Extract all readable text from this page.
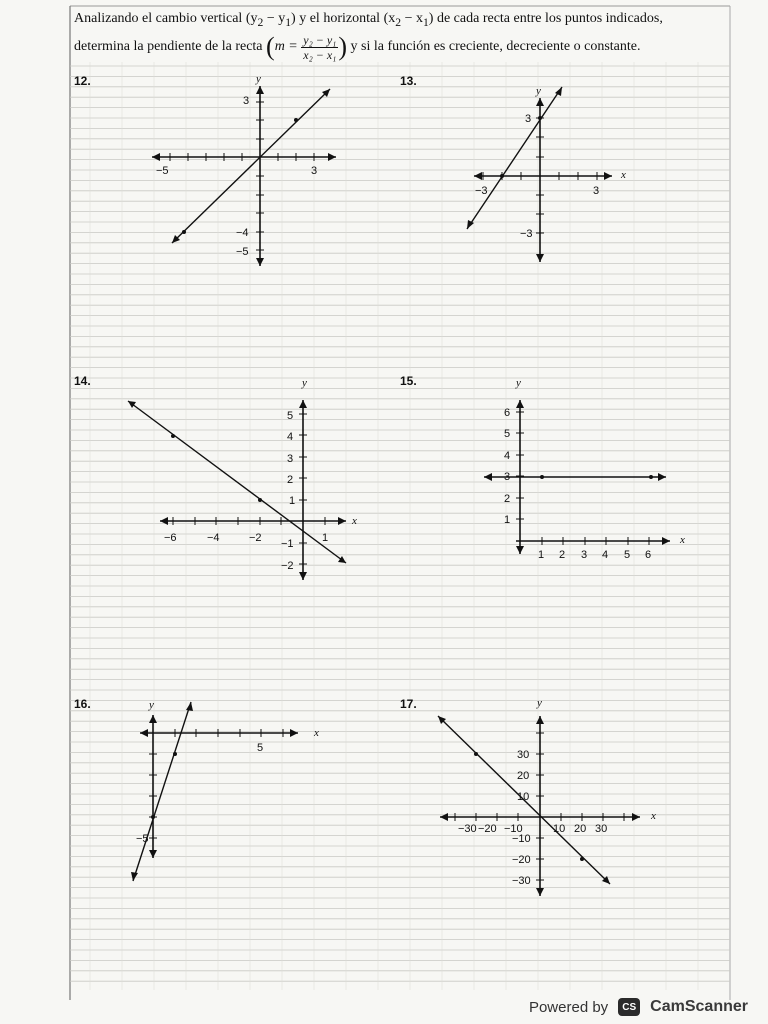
Analizando el cambio vertical $(y_2 - y_1)$ y el horizontal $(x_2 - x_1)$ de cada recta entre los puntos indicados,
determina la pendiente de la recta ($m = \frac{\text{y₂ − y₁}}{\text{x₂ − x₁}}$ ) y si la función es creciente, decreciente o constante.
12.	13.
14.	15.
16.	17.
y
3
−5	3
−4
−5
y
x
3
−3	3
−3
y
x
5
4
3
2
1
−1
−2
−6	−4	−2	1
y
x
6
5
4
3
2
1
1 2 3 4 5 6
y
x
5
−5
y
x
30
20
10
−10
−20
−30
−30 −20 −10	10 20 30
Powered by	CS CamScanner
